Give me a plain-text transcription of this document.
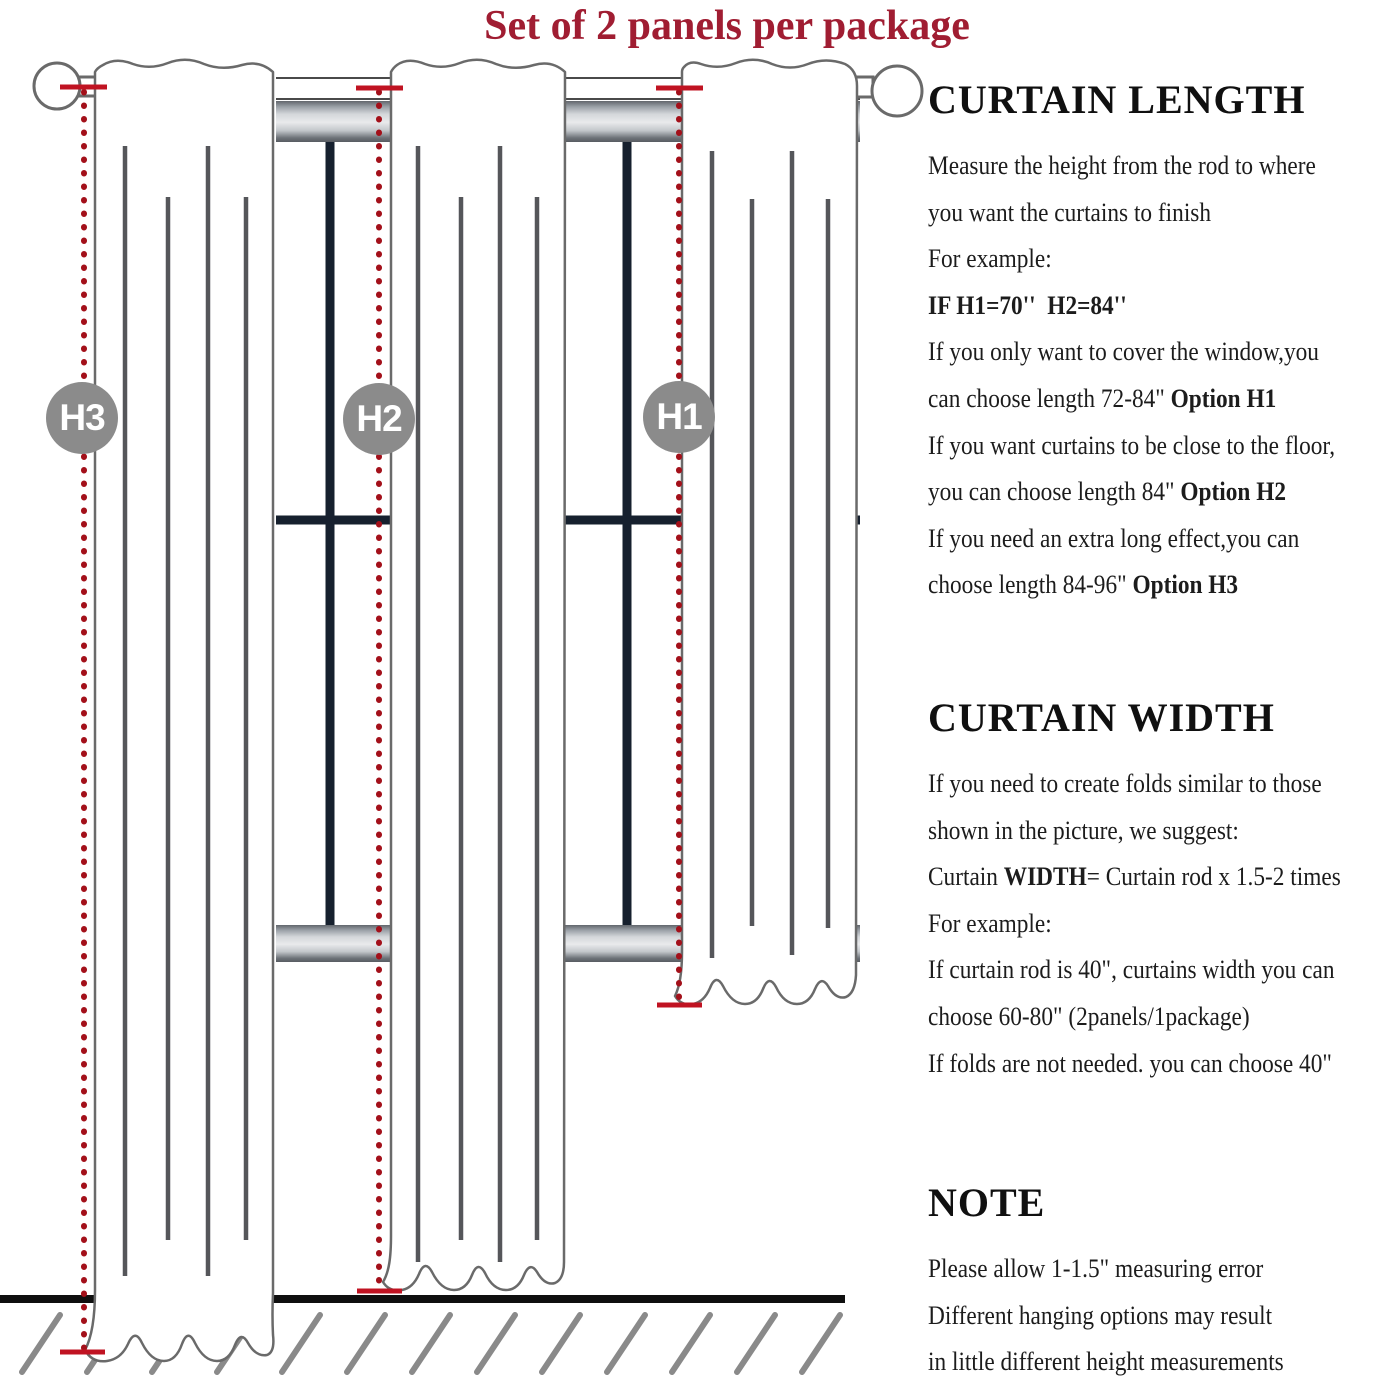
Set of 2 panels per package
H3	H2	H1
CURTAIN LENGTH
Measure the height from the rod to where
you want the curtains to finish
For example:
IF H1=70''  H2=84''
If you only want to cover the window,you
can choose length 72-84" Option H1
If you want curtains to be close to the floor,
you can choose length 84" Option H2
If you need an extra long effect,you can
choose length 84-96" Option H3
CURTAIN WIDTH
If you need to create folds similar to those
shown in the picture, we suggest:
Curtain WIDTH= Curtain rod x 1.5-2 times
For example:
If curtain rod is 40", curtains width you can
choose 60-80" (2panels/1package)
If folds are not needed. you can choose 40"
NOTE
Please allow 1-1.5" measuring error
Different hanging options may result
in little different height measurements
